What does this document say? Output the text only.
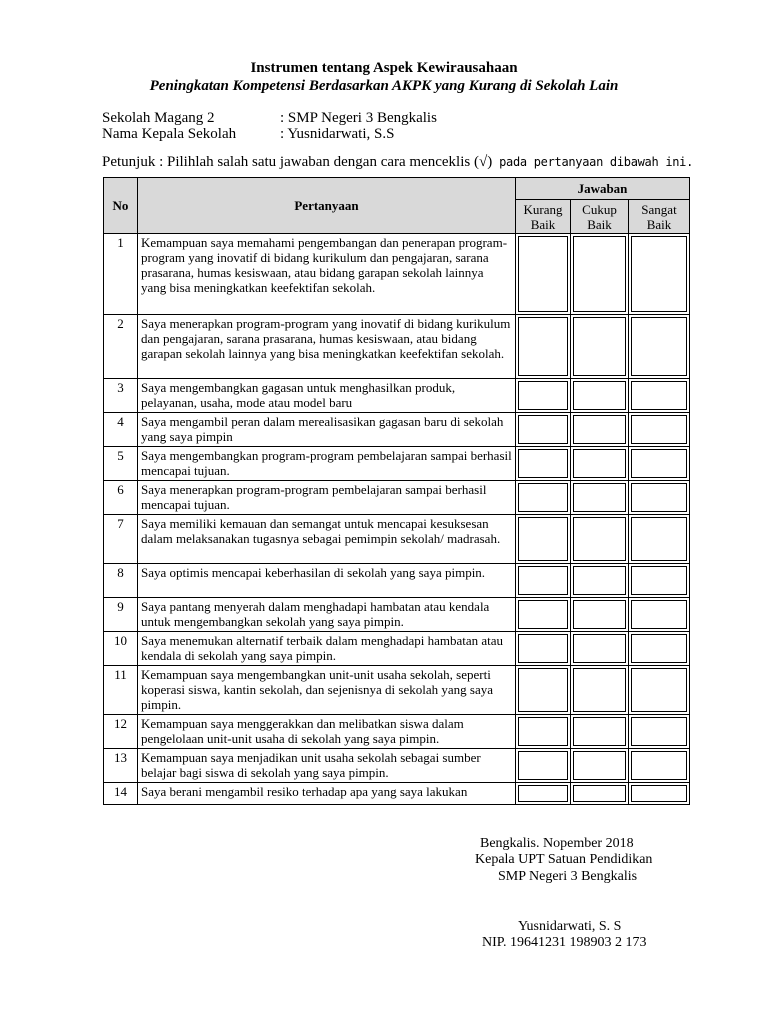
Instrumen tentang Aspek Kewirausahaan
Peningkatan Kompetensi Berdasarkan AKPK yang Kurang di Sekolah Lain
Sekolah Magang 2	: SMP Negeri 3 Bengkalis
Nama Kepala Sekolah	: Yusnidarwati, S.S
Petunjuk : Pilihlah salah satu jawaban dengan cara menceklis (√) pada pertanyaan dibawah ini.
No	Pertanyaan	Jawaban		
		Kurang Baik	Cukup Baik	Sangat Baik
1	Kemampuan saya memahami pengembangan dan penerapan program-program yang inovatif di bidang kurikulum dan pengajaran, sarana prasarana, humas kesiswaan, atau bidang garapan sekolah lainnya yang bisa meningkatkan keefektifan sekolah.	

2	Saya menerapkan program-program yang inovatif di bidang kurikulum dan pengajaran, sarana prasarana, humas kesiswaan, atau bidang garapan sekolah lainnya yang bisa meningkatkan keefektifan sekolah.	

3	Saya mengembangkan gagasan untuk menghasilkan produk, pelayanan, usaha, mode atau model baru	

4	Saya mengambil peran dalam merealisasikan gagasan baru di sekolah yang saya pimpin	

5	Saya mengembangkan program-program pembelajaran sampai berhasil mencapai tujuan.	

6	Saya menerapkan program-program pembelajaran sampai berhasil mencapai tujuan.	

7	Saya memiliki kemauan dan semangat untuk mencapai kesuksesan dalam melaksanakan tugasnya sebagai pemimpin sekolah/ madrasah.	

8	Saya optimis mencapai keberhasilan di sekolah yang saya pimpin.	

9	Saya pantang menyerah dalam menghadapi hambatan atau kendala untuk mengembangkan sekolah yang saya pimpin.	

10	Saya menemukan alternatif terbaik dalam menghadapi hambatan atau kendala di sekolah yang saya pimpin.	

11	Kemampuan saya mengembangkan unit-unit usaha sekolah, seperti koperasi siswa, kantin sekolah, dan sejenisnya di sekolah yang saya pimpin.	

12	Kemampuan saya menggerakkan dan melibatkan siswa dalam pengelolaan unit-unit usaha di sekolah yang saya pimpin.	

13	Kemampuan saya menjadikan unit usaha sekolah sebagai sumber belajar bagi siswa di sekolah yang saya pimpin.	

14	Saya berani mengambil resiko terhadap apa yang saya lakukan	

Bengkalis. Nopember 2018
Kepala UPT Satuan Pendidikan
SMP Negeri 3 Bengkalis
Yusnidarwati, S. S
NIP. 19641231 198903 2 173
